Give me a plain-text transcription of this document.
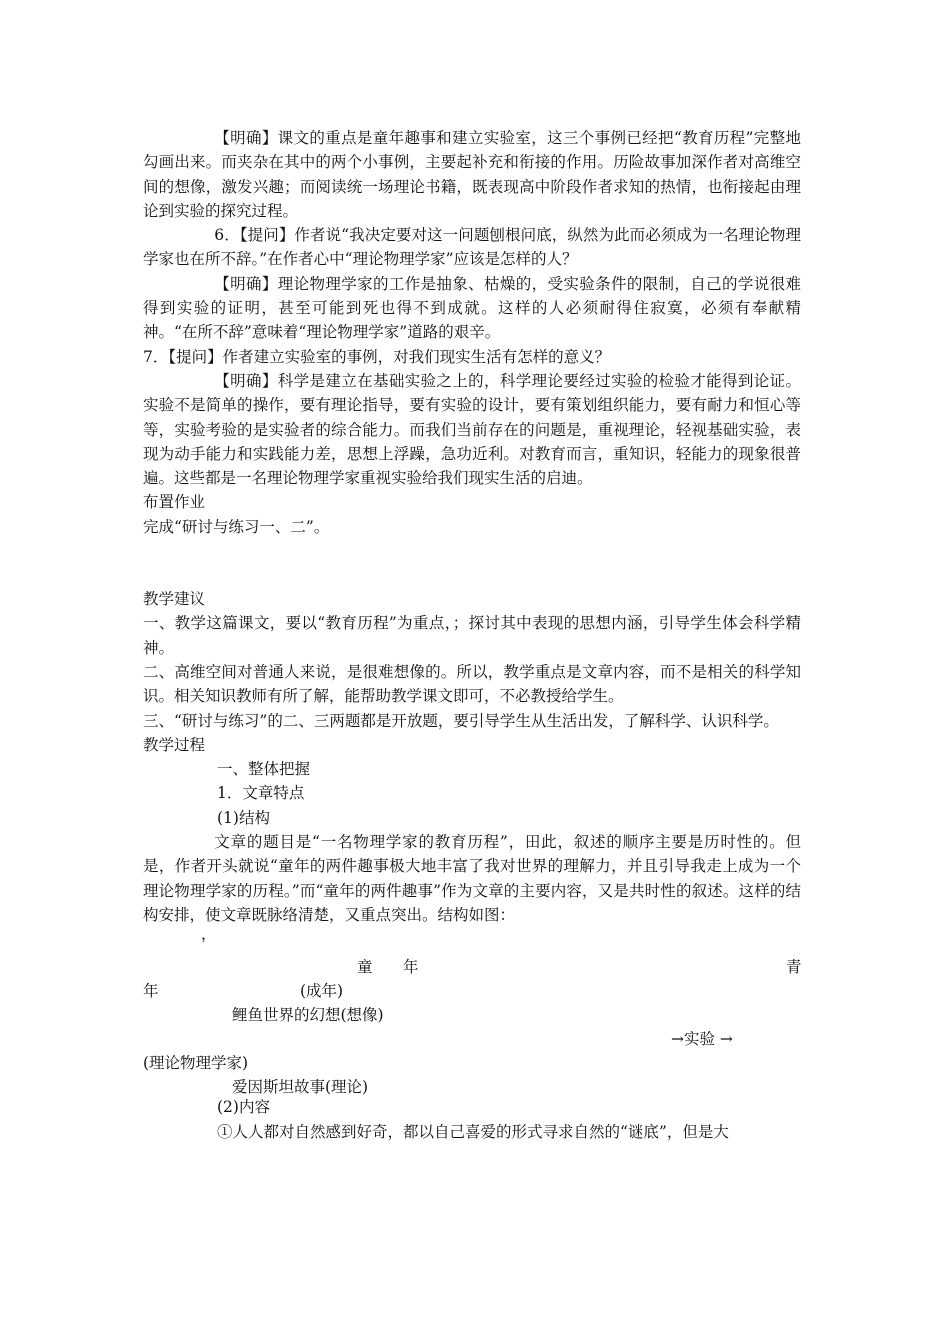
【明确】课文的重点是童年趣事和建立实验室，这三个事例已经把“教育历程”完整地勾画出来。而夹杂在其中的两个小事例，主要起补充和衔接的作用。历险故事加深作者对高维空间的想像，激发兴趣；而阅读统一场理论书籍，既表现高中阶段作者求知的热情，也衔接起由理论到实验的探究过程。

6．【提问】作者说“我决定要对这一问题刨根问底，纵然为此而必须成为一名理论物理学家也在所不辞。”在作者心中“理论物理学家”应该是怎样的人？

【明确】理论物理学家的工作是抽象、枯燥的，受实验条件的限制，自己的学说很难得到实验的证明，甚至可能到死也得不到成就。这样的人必须耐得住寂寞，必须有奉献精神。“在所不辞”意味着“理论物理学家”道路的艰辛。

7．【提问】作者建立实验室的事例，对我们现实生活有怎样的意义？

【明确】科学是建立在基础实验之上的，科学理论要经过实验的检验才能得到论证。实验不是简单的操作，要有理论指导，要有实验的设计，要有策划组织能力，要有耐力和恒心等等，实验考验的是实验者的综合能力。而我们当前存在的问题是，重视理论，轻视基础实验，表现为动手能力和实践能力差，思想上浮躁，急功近利。对教育而言，重知识，轻能力的现象很普遍。这些都是一名理论物理学家重视实验给我们现实生活的启迪。

布置作业

完成“研讨与练习一、二”。

教学建议

一、教学这篇课文，要以“教育历程”为重点，；探讨其中表现的思想内涵，引导学生体会科学精神。

二、高维空间对普通人来说，是很难想像的。所以，教学重点是文章内容，而不是相关的科学知识。相关知识教师有所了解，能帮助教学课文即可，不必教授给学生。

三、“研讨与练习”的二、三两题都是开放题，要引导学生从生活出发，了解科学、认识科学。

教学过程

一、整体把握

1．文章特点

(1)结构

文章的题目是“一名物理学家的教育历程”，田此，叙述的顺序主要是历时性的。但是，作者开头就说“童年的两件趣事极大地丰富了我对世界的理解力，并且引导我走上成为一个理论物理学家的历程。”而“童年的两件趣事”作为文章的主要内容，又是共时性的叙述。这样的结构安排，使文章既脉络清楚，又重点突出。结构如图：

，

童 年	青
年	(成年)
鲤鱼世界的幻想(想像)
→实验 →
(理论物理学家)
爱因斯坦故事(理论)

(2)内容

①人人都对自然感到好奇，都以自己喜爱的形式寻求自然的“谜底”，但是大
